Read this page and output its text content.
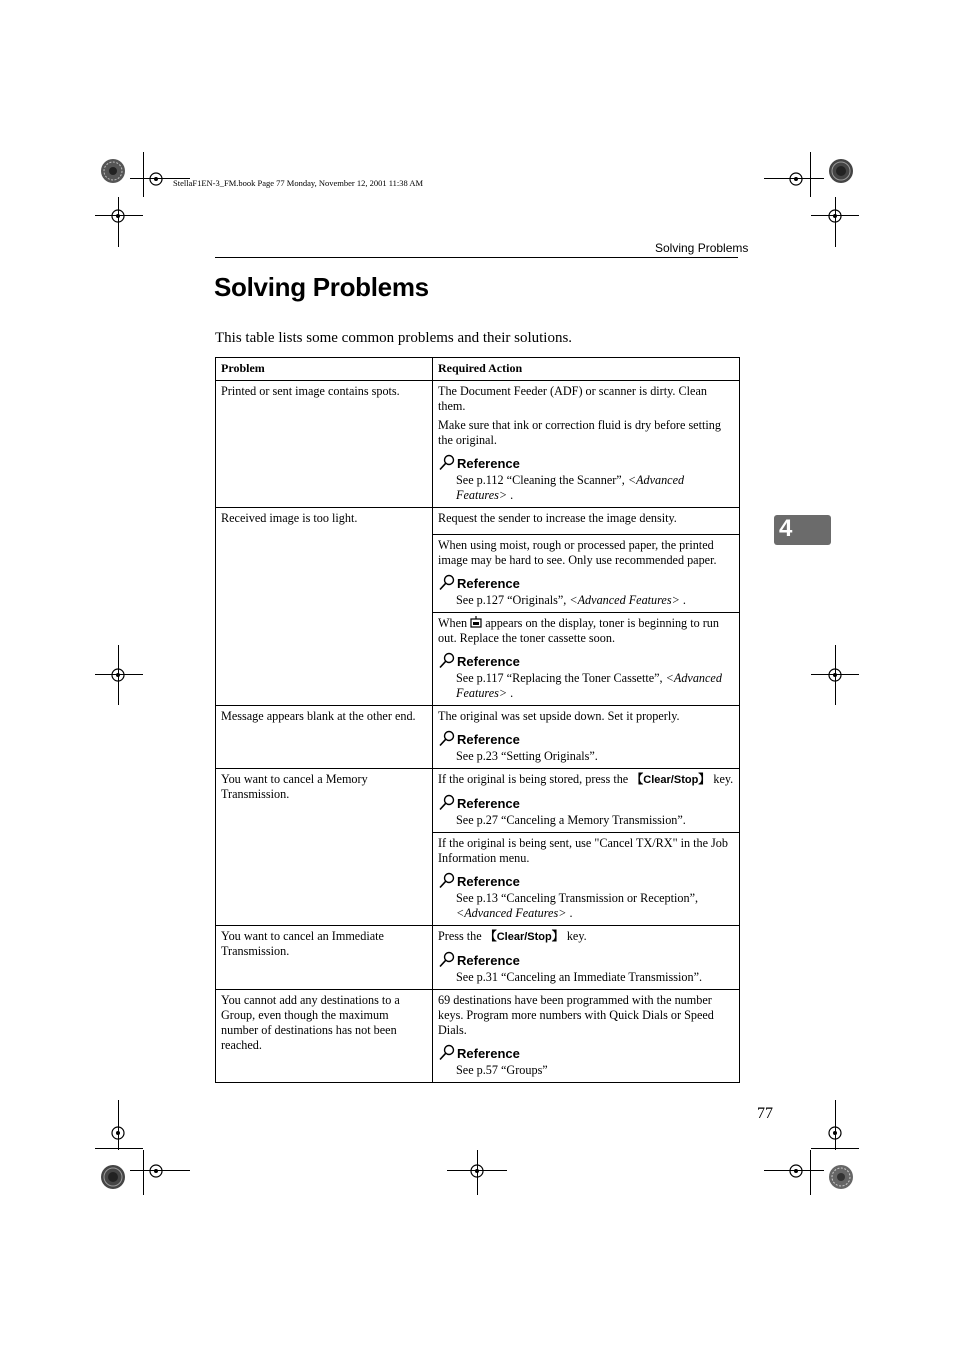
StellaF1EN-3_FM.book Page 77 Monday, November 12, 2001 11:38 AM
Solving Problems
Solving Problems
This table lists some common problems and their solutions.
4
Problem	Required Action
Printed or sent image contains spots.	The Document Feeder (ADF) or scanner is dirty. Clean them.

Make sure that ink or correction fluid is dry before setting the original.

Reference
See p.112 “Cleaning the Scanner”, <Advanced Features> .

Received image is too light.	Request the sender to increase the image density.

	When using moist, rough or processed paper, the printed image may be hard to see. Only use recommended paper.

Reference
See p.127 “Originals”, <Advanced Features> .

	When  appears on the display, toner is beginning to run out. Replace the toner cassette soon.

Reference
See p.117 “Replacing the Toner Cassette”, <Advanced Features> .

Message appears blank at the other end.	The original was set upside down. Set it properly.

Reference
See p.23 “Setting Originals”.

You want to cancel a Memory Transmission.	If the original is being stored, press the 【Clear/Stop】 key.

Reference
See p.27 “Canceling a Memory Transmission”.

	If the original is being sent, use "Cancel TX/RX" in the Job Information menu.

Reference
See p.13 “Canceling Transmission or Reception”, <Advanced Features> .

You want to cancel an Immediate Transmission.	Press the 【Clear/Stop】 key.

Reference
See p.31 “Canceling an Immediate Transmission”.

You cannot add any destinations to a Group, even though the maximum number of destinations has not been reached.	69 destinations have been programmed with the number keys. Program more numbers with Quick Dials or Speed Dials.

Reference
See p.57 “Groups”
77
